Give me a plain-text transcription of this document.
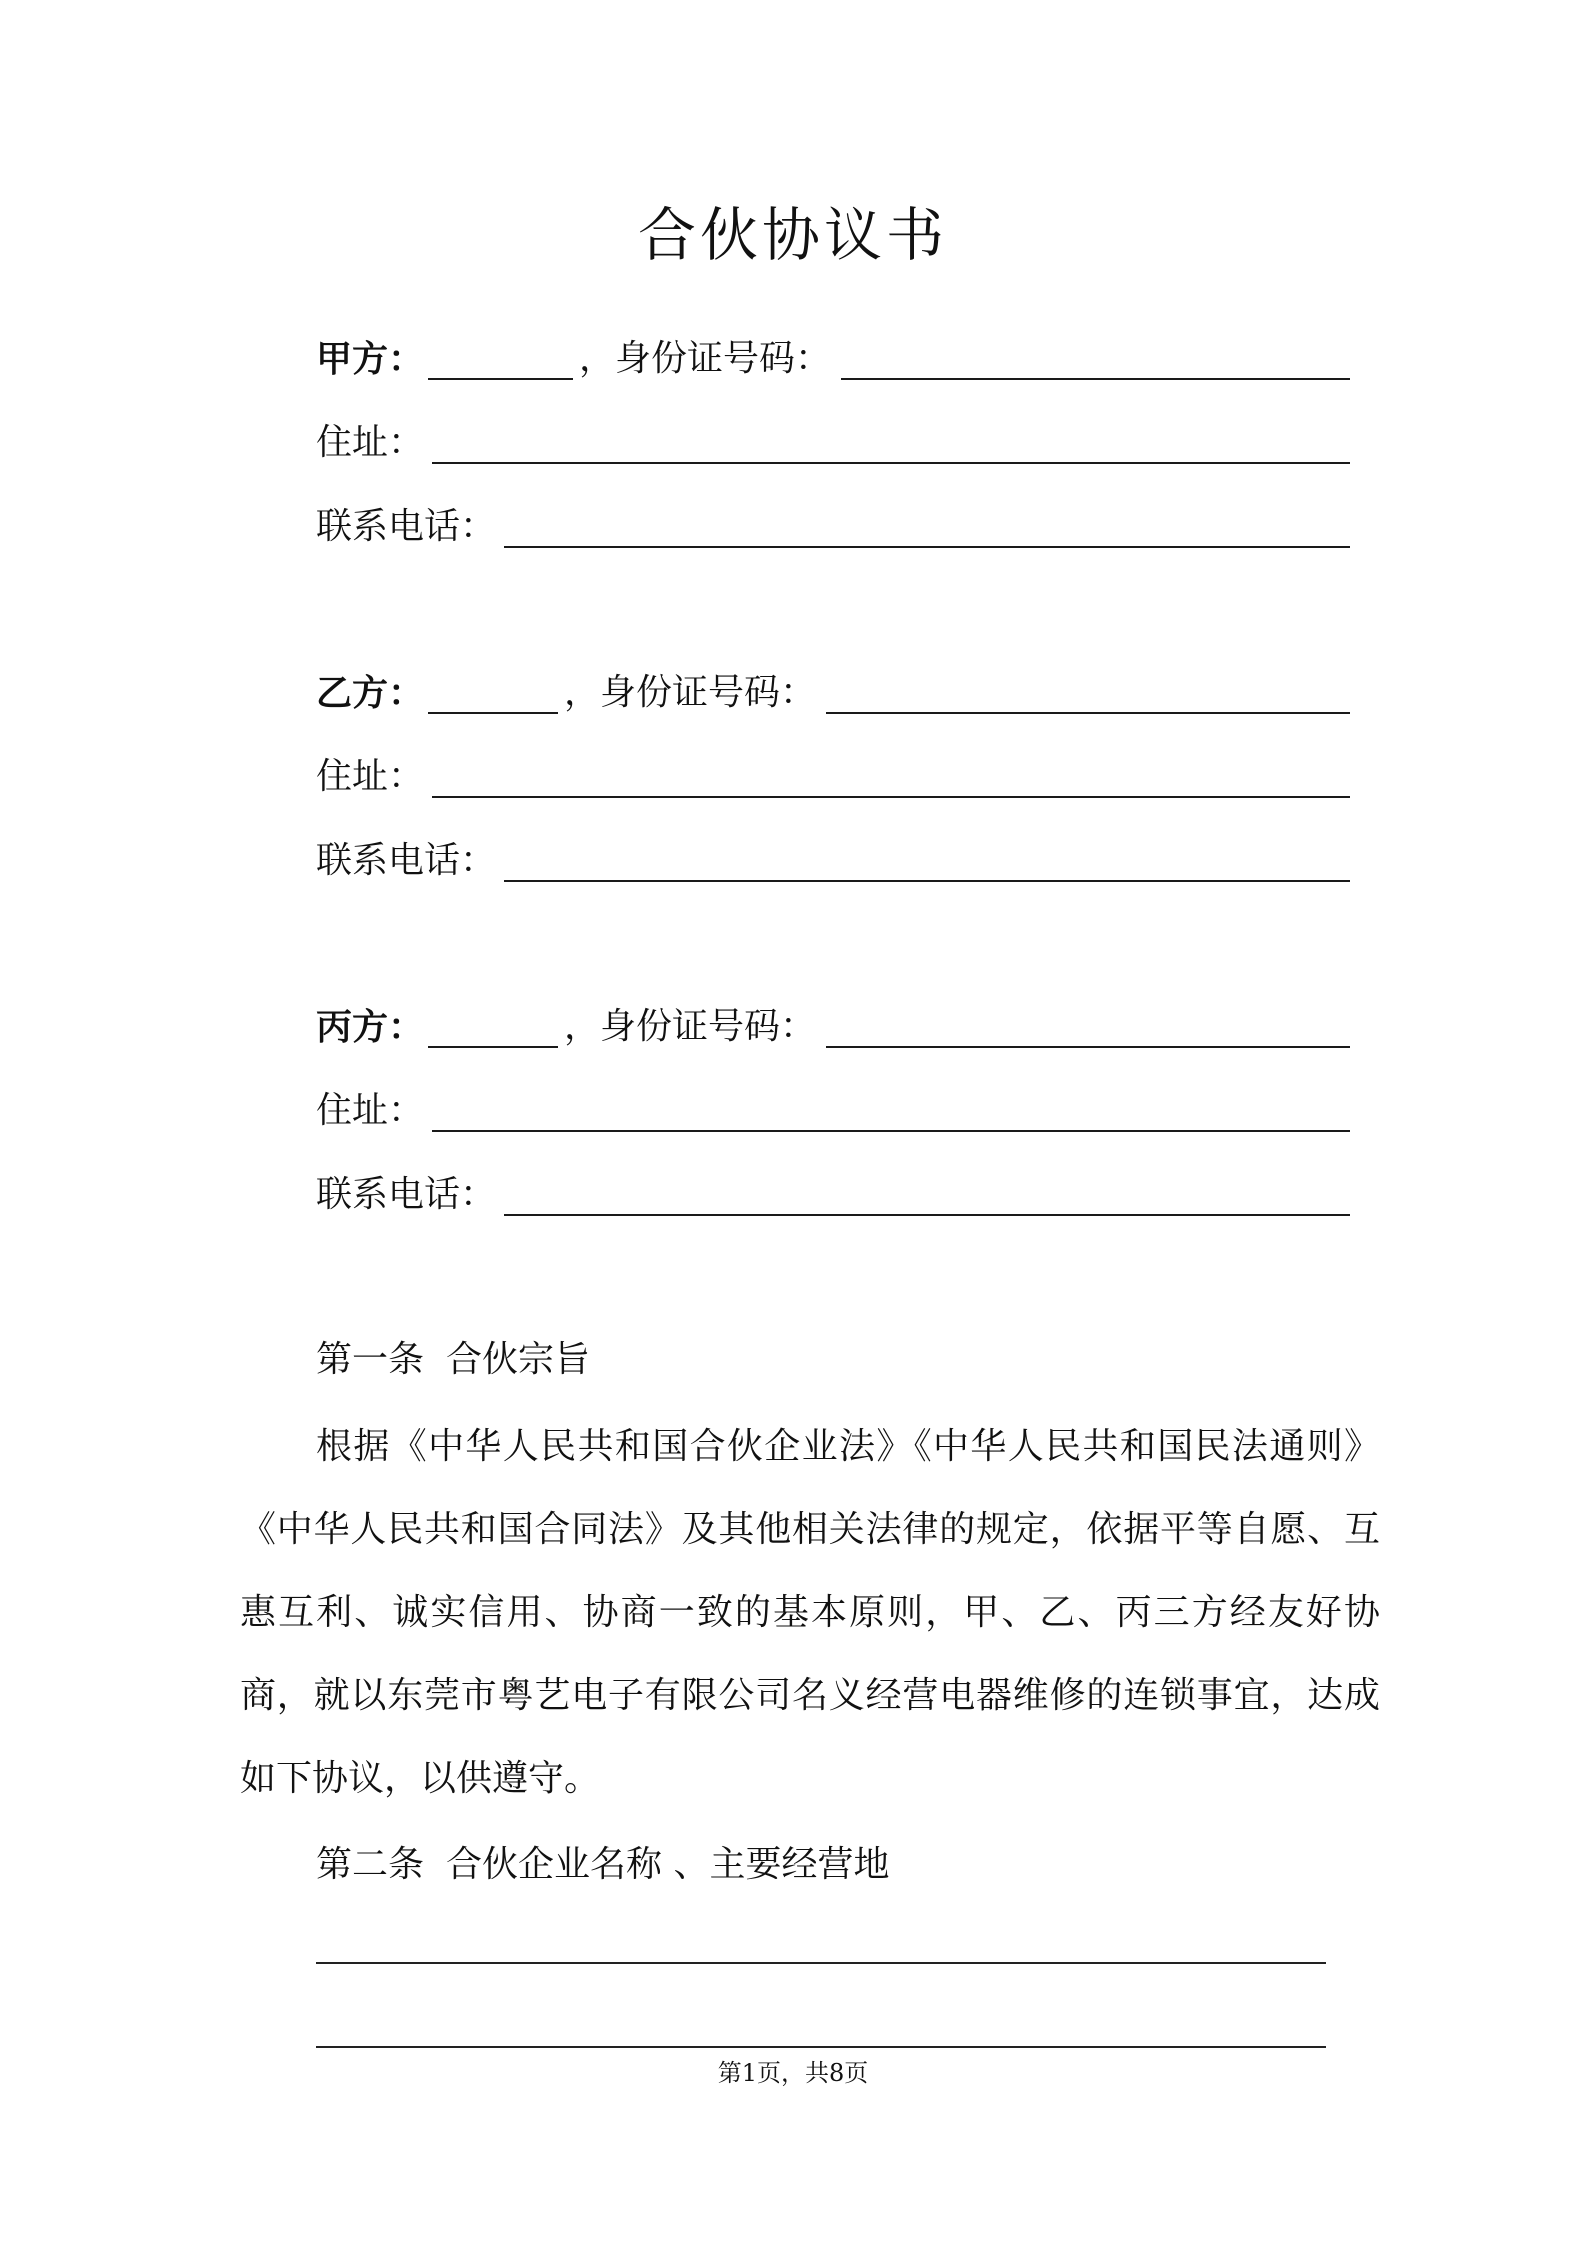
合伙协议书
甲方：	，身份证号码：
住址：
联系电话：
乙方：	，身份证号码：
住址：
联系电话：
丙方：	，身份证号码：
住址：
联系电话：
第一条 合伙宗旨
根据《中华人民共和国合伙企业法》《中华人民共和国民法通则》《中华人民共和国合同法》及其他相关法律的规定，依据平等自愿、互惠互利、诚实信用、协商一致的基本原则，甲、乙、丙三方经友好协商，就以东莞市粤艺电子有限公司名义经营电器维修的连锁事宜，达成如下协议，以供遵守。
第二条 合伙企业名称 、主要经营地
第1页，共8页
